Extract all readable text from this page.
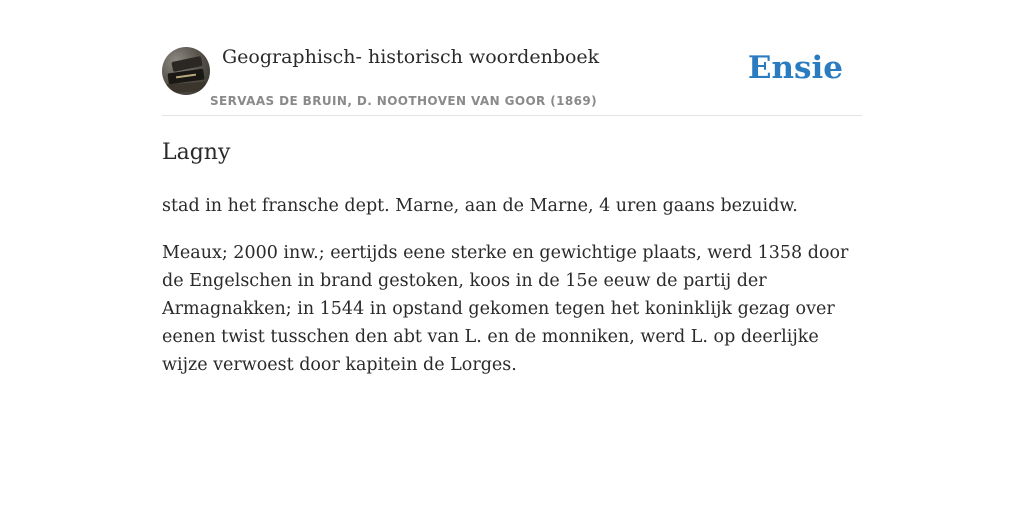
Geographisch- historisch woordenboek
SERVAAS DE BRUIN, D. NOOTHOVEN VAN GOOR (1869)
Ensie
Lagny

stad in het fransche dept. Marne, aan de Marne, 4 uren gaans bezuidw.

Meaux; 2000 inw.; eertijds eene sterke en gewichtige plaats, werd 1358 door de Engelschen in brand gestoken, koos in de 15e eeuw de partij der Armagnakken; in 1544 in opstand gekomen tegen het koninklijk gezag over eenen twist tusschen den abt van L. en de monniken, werd L. op deerlijke wijze verwoest door kapitein de Lorges.
